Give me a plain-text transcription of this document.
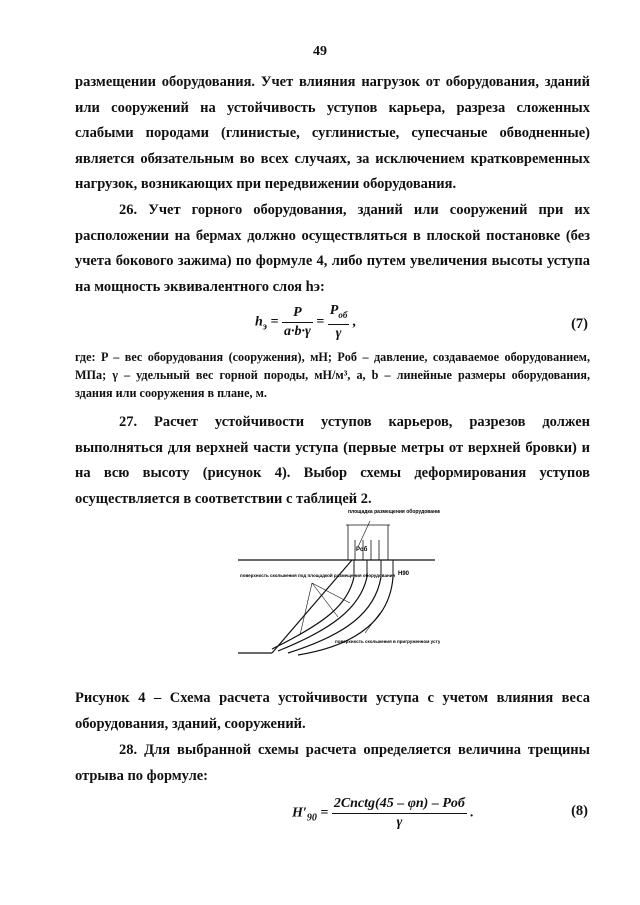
49

размещении оборудования. Учет влияния нагрузок от оборудования, зданий или сооружений на устойчивость уступов карьера, разреза сложенных слабыми породами (глинистые, суглинистые, супесчаные обводненные) является обязательным во всех случаях, за исключением кратковременных нагрузок, возникающих при передвижении оборудования.

26. Учет горного оборудования, зданий или сооружений при их расположении на бермах должно осуществляться в плоской постановке (без учета бокового зажима) по формуле 4, либо путем увеличения высоты уступа на мощность эквивалентного слоя hэ:

$h_э = \frac{P}{a\cdot b\cdot\gamma} = \frac{P_{об}}{\gamma}$ ,	(7)

где: P – вес оборудования (сооружения), мН; Pоб – давление, создаваемое оборудованием, МПа; γ – удельный вес горной породы, мН/м³, a, b – линейные размеры оборудования, здания или сооружения в плане, м.

27. Расчет устойчивости уступов карьеров, разрезов должен выполняться для верхней части уступа (первые метры от верхней бровки) и на всю высоту (рисунок 4). Выбор схемы деформирования уступов осуществляется в соответствии с таблицей 2.

площадка размещения оборудования
Pоб
H90
поверхность скольжения под площадкой размещения оборудования
поверхность скольжения в пригруженном уступе

Рисунок 4 – Схема расчета устойчивости уступа с учетом влияния веса оборудования, зданий, сооружений.

28. Для выбранной схемы расчета определяется величина трещины отрыва по формуле:

$H'_{90} = \frac{\text{2Cnctg(45 – φn) – Pоб}}{\gamma}$ .	(8)
